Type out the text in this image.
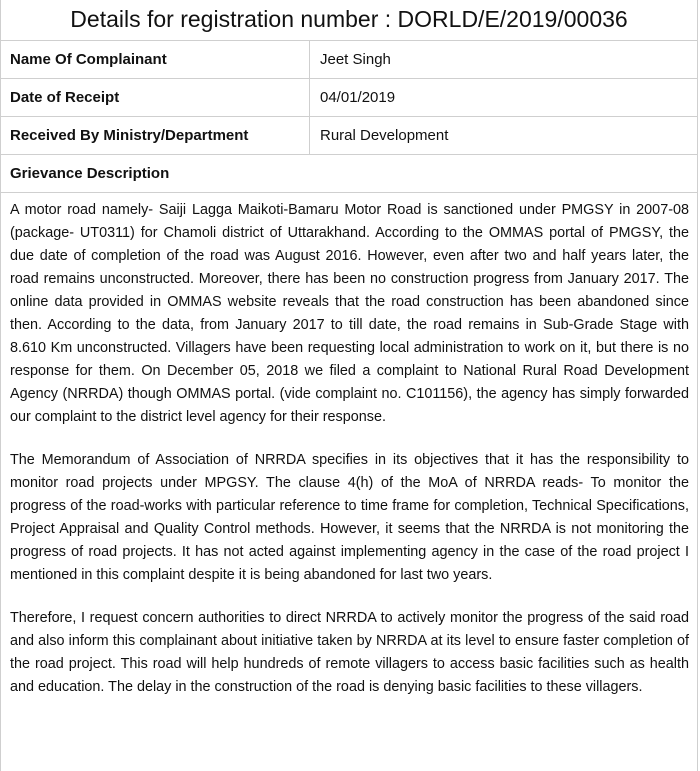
Details for registration number : DORLD/E/2019/00036
Name Of Complainant	Jeet Singh
Date of Receipt	04/01/2019
Received By Ministry/Department	Rural Development
Grievance Description

A motor road namely- Saiji Lagga Maikoti-Bamaru Motor Road is sanctioned under PMGSY in 2007-08 (package- UT0311) for Chamoli district of Uttarakhand. According to the OMMAS portal of PMGSY, the due date of completion of the road was August 2016. However, even after two and half years later, the road remains unconstructed. Moreover, there has been no construction progress from January 2017. The online data provided in OMMAS website reveals that the road construction has been abandoned since then. According to the data, from January 2017 to till date, the road remains in Sub-Grade Stage with 8.610 Km unconstructed. Villagers have been requesting local administration to work on it, but there is no response for them. On December 05, 2018 we filed a complaint to National Rural Road Development Agency (NRRDA) though OMMAS portal. (vide complaint no. C101156), the agency has simply forwarded our complaint to the district level agency for their response.

The Memorandum of Association of NRRDA specifies in its objectives that it has the responsibility to monitor road projects under MPGSY. The clause 4(h) of the MoA of NRRDA reads- To monitor the progress of the road-works with particular reference to time frame for completion, Technical Specifications, Project Appraisal and Quality Control methods. However, it seems that the NRRDA is not monitoring the progress of road projects. It has not acted against implementing agency in the case of the road project I mentioned in this complaint despite it is being abandoned for last two years.

Therefore, I request concern authorities to direct NRRDA to actively monitor the progress of the said road and also inform this complainant about initiative taken by NRRDA at its level to ensure faster completion of the road project. This road will help hundreds of remote villagers to access basic facilities such as health and education. The delay in the construction of the road is denying basic facilities to these villagers.
